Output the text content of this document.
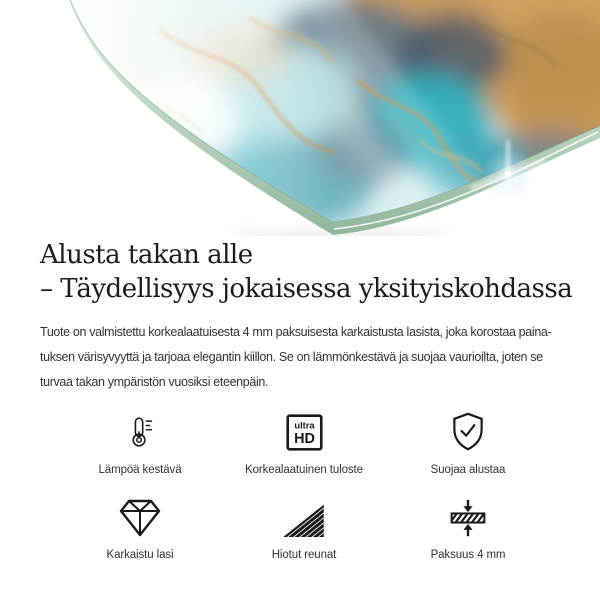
Alusta takan alle
– Täydellisyys jokaisessa yksityiskohdassa
Tuote on valmistettu korkealaatuisesta 4 mm paksuisesta karkaistusta lasista, joka korostaa paina-
tuksen värisyvyyttä ja tarjoaa elegantin kiillon. Se on lämmönkestävä ja suojaa vaurioilta, joten se
turvaa takan ympäristön vuosiksi eteenpäin.
Lämpöä kestävä
ultra
HD
Korkealaatuinen tuloste	Suojaa alustaa
Karkaistu lasi	Hiotut reunat	Paksuus 4 mm
